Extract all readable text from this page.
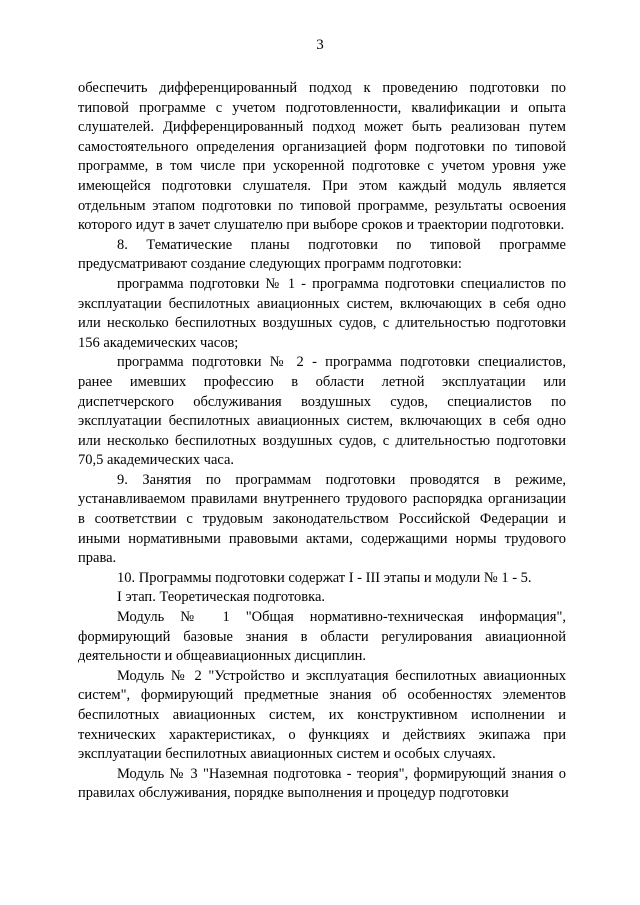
3

обеспечить дифференцированный подход к проведению подготовки по типовой программе с учетом подготовленности, квалификации и опыта слушателей. Дифференцированный подход может быть реализован путем самостоятельного определения организацией форм подготовки по типовой программе, в том числе при ускоренной подготовке с учетом уровня уже имеющейся подготовки слушателя. При этом каждый модуль является отдельным этапом подготовки по типовой программе, результаты освоения которого идут в зачет слушателю при выборе сроков и траектории подготовки.

8. Тематические планы подготовки по типовой программе предусматривают создание следующих программ подготовки:

программа подготовки № 1 - программа подготовки специалистов по эксплуатации беспилотных авиационных систем, включающих в себя одно или несколько беспилотных воздушных судов, с длительностью подготовки 156 академических часов;

программа подготовки № 2 - программа подготовки специалистов, ранее имевших профессию в области летной эксплуатации или диспетчерского обслуживания воздушных судов, специалистов по эксплуатации беспилотных авиационных систем, включающих в себя одно или несколько беспилотных воздушных судов, с длительностью подготовки 70,5 академических часа.

9. Занятия по программам подготовки проводятся в режиме, устанавливаемом правилами внутреннего трудового распорядка организации в соответствии с трудовым законодательством Российской Федерации и иными нормативными правовыми актами, содержащими нормы трудового права.

10. Программы подготовки содержат I - III этапы и модули № 1 - 5.

I этап. Теоретическая подготовка.

Модуль № 1 "Общая нормативно-техническая информация", формирующий базовые знания в области регулирования авиационной деятельности и общеавиационных дисциплин.

Модуль № 2 "Устройство и эксплуатация беспилотных авиационных систем", формирующий предметные знания об особенностях элементов беспилотных авиационных систем, их конструктивном исполнении и технических характеристиках, о функциях и действиях экипажа при эксплуатации беспилотных авиационных систем и особых случаях.

Модуль № 3 "Наземная подготовка - теория", формирующий знания о правилах обслуживания, порядке выполнения и процедур подготовки
